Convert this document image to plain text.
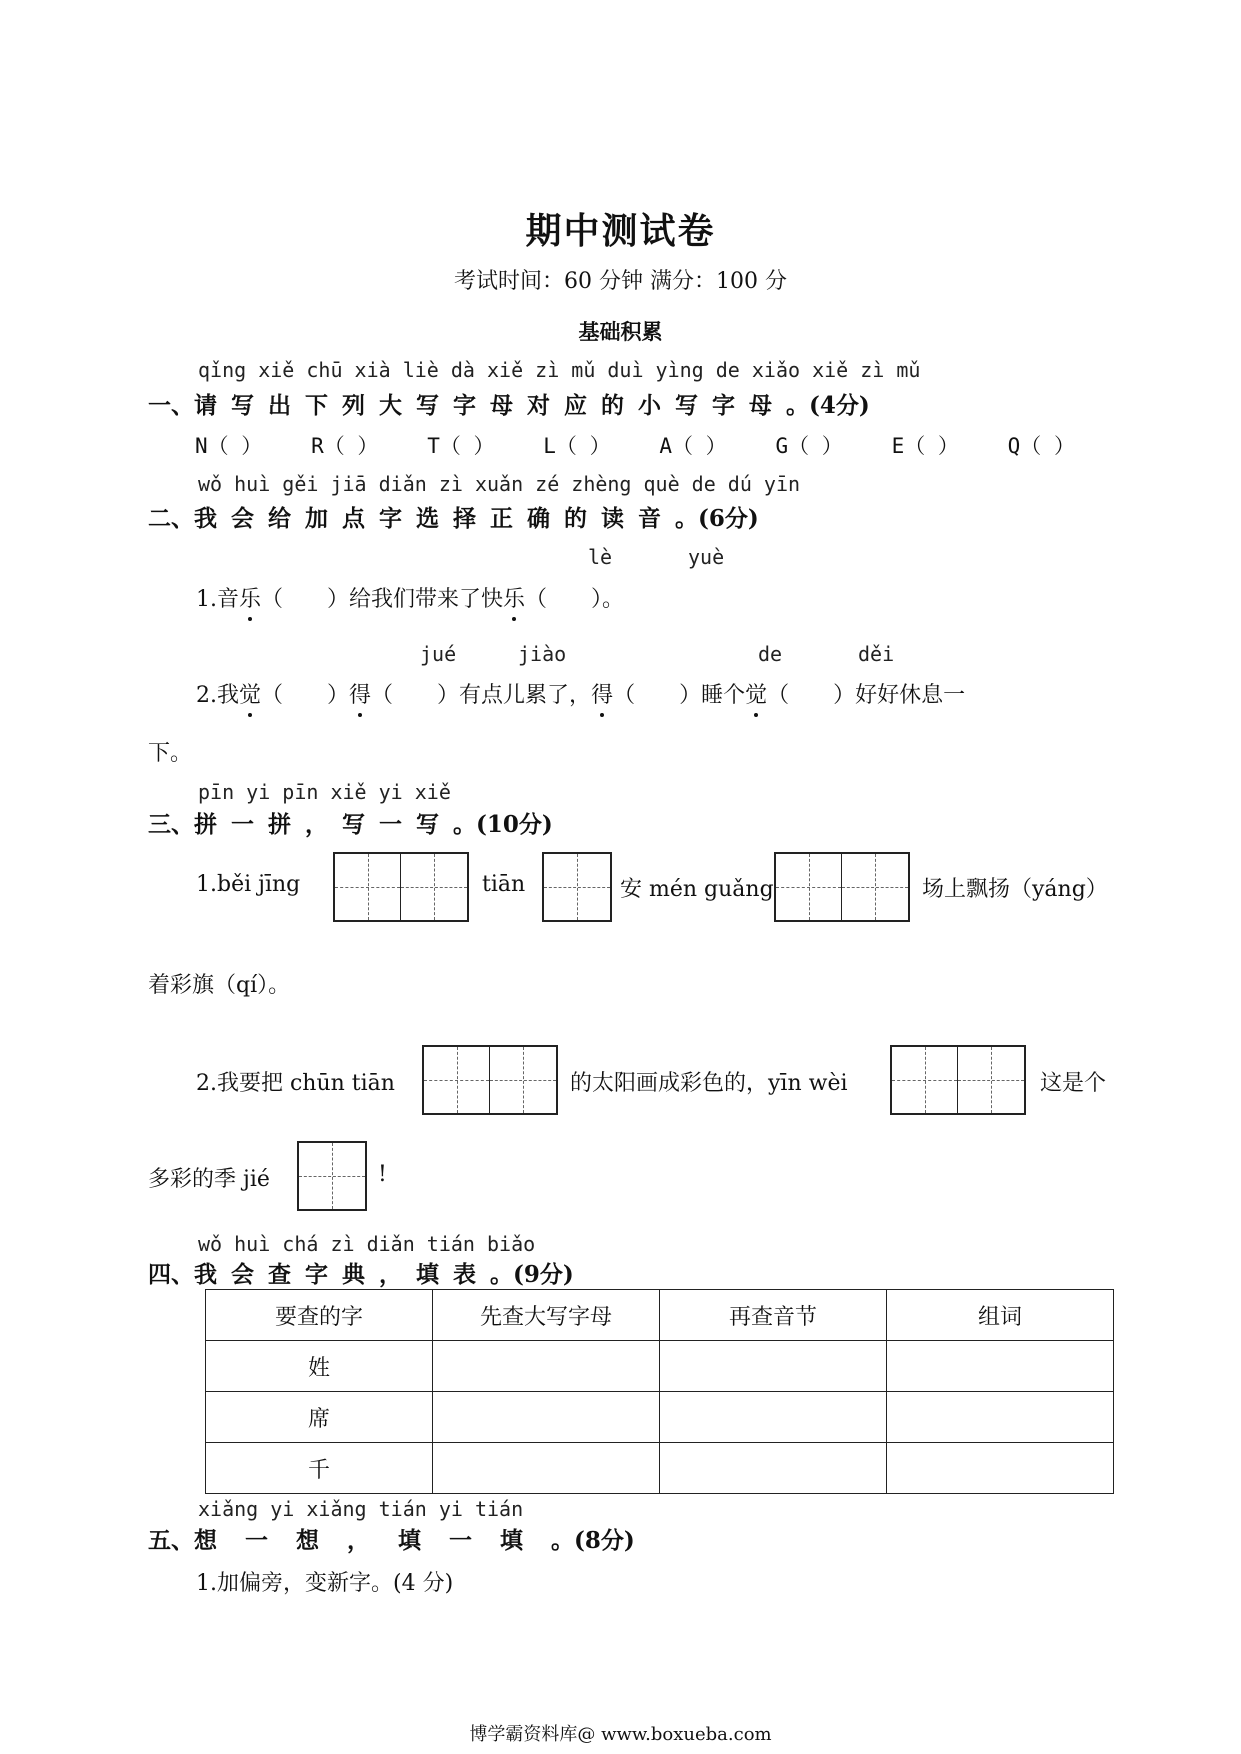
期中测试卷
考试时间：60 分钟 满分：100 分
基础积累
qǐng xiě chū xià liè dà xiě zì mǔ duì yìng de xiǎo xiě zì mǔ
一、请写出下列大写字母对应的小写字母。(4分)
N（ ） R（ ） T（ ） L（ ） A（ ） G（ ） E（ ） Q（ ）
wǒ huì gěi jiā diǎn zì xuǎn zé zhèng què de dú yīn
二、我会给加点字选择正确的读音。(6分)
lè	yuè
1.音乐（　　）给我们带来了快乐（　　）。
jué	jiào	de	děi
2.我觉（　　）得（　　）有点儿累了，得（　　）睡个觉（　　）好好休息一
下。
pīn yi pīn xiě yi xiě
三、拼一拼，写一写。(10分)
1.běi jīng	tiān	安 mén guǎng	场上飘扬（yáng）
着彩旗（qí）。
2.我要把 chūn tiān	的太阳画成彩色的，yīn wèi	这是个
多彩的季 jié	!
wǒ huì chá zì diǎn tián biǎo
四、我会查字典，填表。(9分)
要查的字	先查大写字母	再查音节	组词
姓			
席			
千			
xiǎng yi xiǎng tián yi tián
五、想一想，填一填。(8分)
1.加偏旁，变新字。(4 分)
博学霸资料库@ www.boxueba.com
